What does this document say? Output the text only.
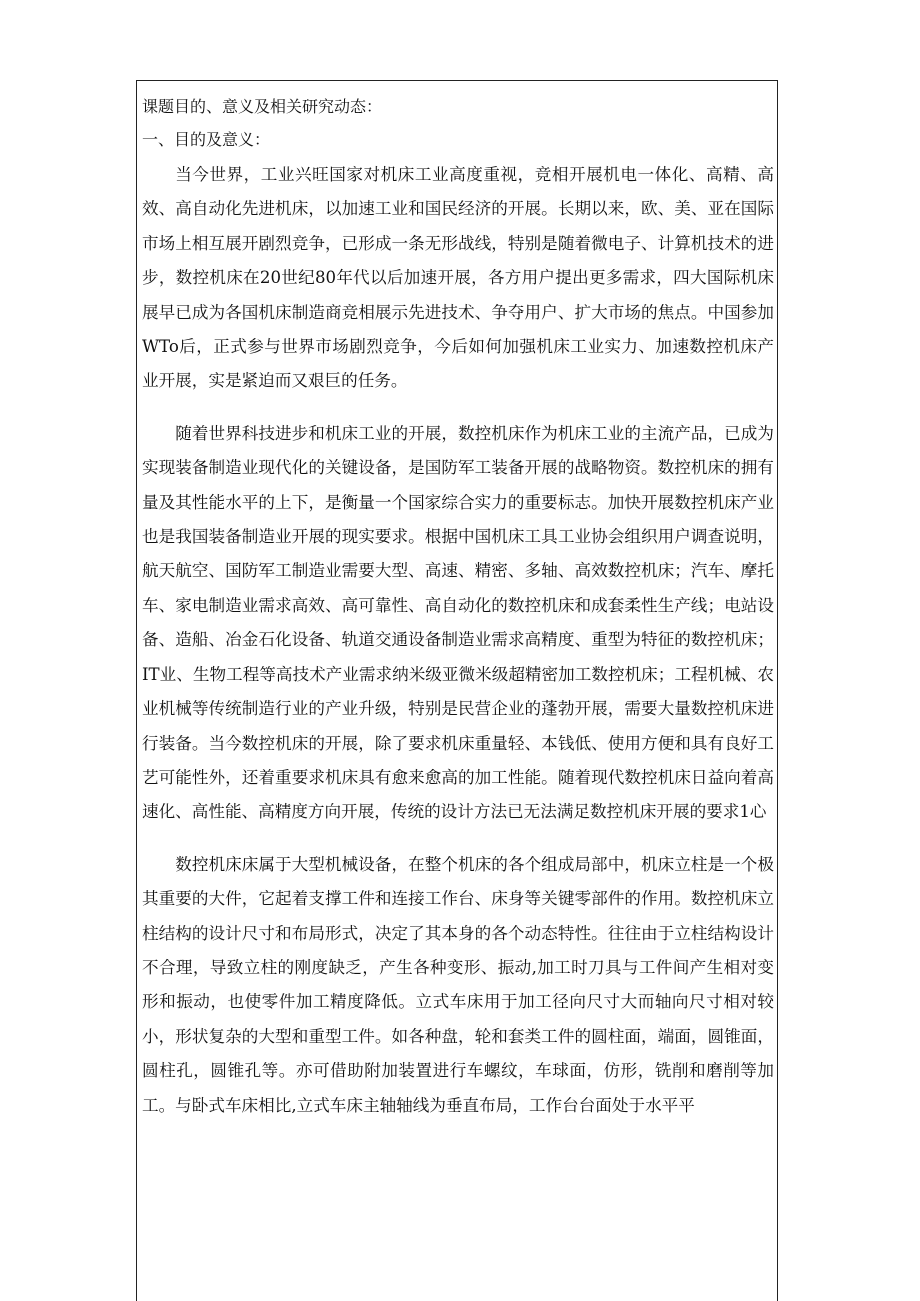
课题目的、意义及相关研究动态：

一、目的及意义：

当今世界，工业兴旺国家对机床工业高度重视，竞相开展机电一体化、高精、高效、高自动化先进机床，以加速工业和国民经济的开展。长期以来，欧、美、亚在国际市场上相互展开剧烈竞争，已形成一条无形战线，特别是随着微电子、计算机技术的进步，数控机床在20世纪80年代以后加速开展，各方用户提出更多需求，四大国际机床展早已成为各国机床制造商竞相展示先进技术、争夺用户、扩大市场的焦点。中国参加WTo后，正式参与世界市场剧烈竞争，今后如何加强机床工业实力、加速数控机床产业开展，实是紧迫而又艰巨的任务。

随着世界科技进步和机床工业的开展，数控机床作为机床工业的主流产品，已成为实现装备制造业现代化的关键设备，是国防军工装备开展的战略物资。数控机床的拥有量及其性能水平的上下，是衡量一个国家综合实力的重要标志。加快开展数控机床产业也是我国装备制造业开展的现实要求。根据中国机床工具工业协会组织用户调查说明，航天航空、国防军工制造业需要大型、高速、精密、多轴、高效数控机床；汽车、摩托车、家电制造业需求高效、高可靠性、高自动化的数控机床和成套柔性生产线；电站设备、造船、冶金石化设备、轨道交通设备制造业需求高精度、重型为特征的数控机床；IT业、生物工程等高技术产业需求纳米级亚微米级超精密加工数控机床；工程机械、农业机械等传统制造行业的产业升级，特别是民营企业的蓬勃开展，需要大量数控机床进行装备。当今数控机床的开展，除了要求机床重量轻、本钱低、使用方便和具有良好工艺可能性外，还着重要求机床具有愈来愈高的加工性能。随着现代数控机床日益向着高速化、高性能、高精度方向开展，传统的设计方法已无法满足数控机床开展的要求1心

数控机床床属于大型机械设备，在整个机床的各个组成局部中，机床立柱是一个极其重要的大件，它起着支撑工件和连接工作台、床身等关键零部件的作用。数控机床立柱结构的设计尺寸和布局形式，决定了其本身的各个动态特性。往往由于立柱结构设计不合理，导致立柱的刚度缺乏，产生各种变形、振动,加工时刀具与工件间产生相对变形和振动，也使零件加工精度降低。立式车床用于加工径向尺寸大而轴向尺寸相对较小，形状复杂的大型和重型工件。如各种盘，轮和套类工件的圆柱面，端面，圆锥面，圆柱孔，圆锥孔等。亦可借助附加装置进行车螺纹，车球面，仿形，铣削和磨削等加工。与卧式车床相比,立式车床主轴轴线为垂直布局，工作台台面处于水平平
